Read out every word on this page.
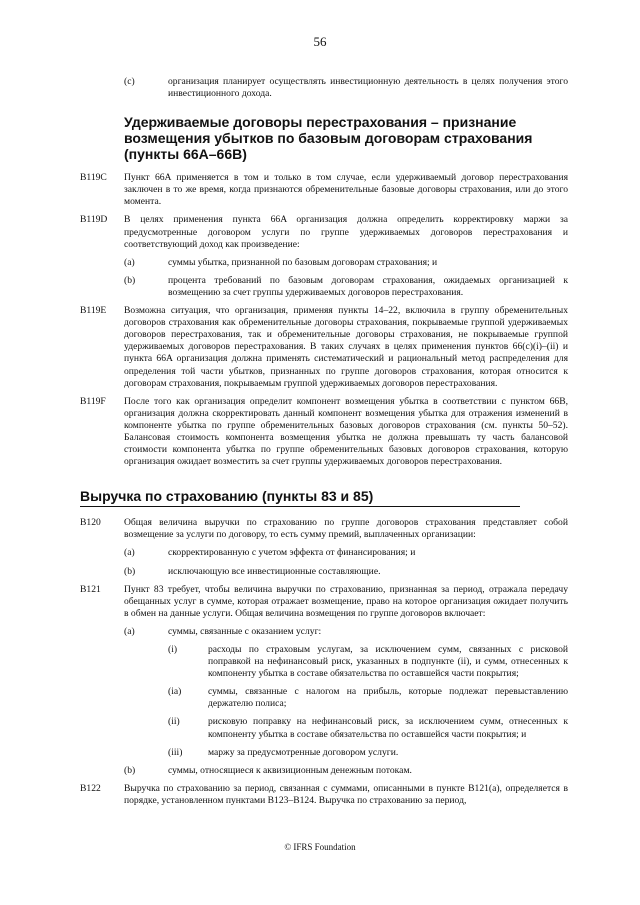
56
(c)	организация планирует осуществлять инвестиционную деятельность в целях получения этого инвестиционного дохода.
Удерживаемые договоры перестрахования – признание возмещения убытков по базовым договорам страхования (пункты 66A–66B)
B119C Пункт 66A применяется в том и только в том случае, если удерживаемый договор перестрахования заключен в то же время, когда признаются обременительные базовые договоры страхования, или до этого момента.
B119D В целях применения пункта 66A организация должна определить корректировку маржи за предусмотренные договором услуги по группе удерживаемых договоров перестрахования и соответствующий доход как произведение:
(a)	суммы убытка, признанной по базовым договорам страхования; и
(b)	процента требований по базовым договорам страхования, ожидаемых организацией к возмещению за счет группы удерживаемых договоров перестрахования.
B119E Возможна ситуация, что организация, применяя пункты 14–22, включила в группу обременительных договоров страхования как обременительные договоры страхования, покрываемые группой удерживаемых договоров перестрахования, так и обременительные договоры страхования, не покрываемые группой удерживаемых договоров перестрахования. В таких случаях в целях применения пунктов 66(c)(i)–(ii) и пункта 66A организация должна применять систематический и рациональный метод распределения для определения той части убытков, признанных по группе договоров страхования, которая относится к договорам страхования, покрываемым группой удерживаемых договоров перестрахования.
B119F После того как организация определит компонент возмещения убытка в соответствии с пунктом 66B, организация должна скорректировать данный компонент возмещения убытка для отражения изменений в компоненте убытка по группе обременительных базовых договоров страхования (см. пункты 50–52). Балансовая стоимость компонента возмещения убытка не должна превышать ту часть балансовой стоимости компонента убытка по группе обременительных базовых договоров страхования, которую организация ожидает возместить за счет группы удерживаемых договоров перестрахования.
Выручка по страхованию (пункты 83 и 85)
B120 Общая величина выручки по страхованию по группе договоров страхования представляет собой возмещение за услуги по договору, то есть сумму премий, выплаченных организации:
(a)	скорректированную с учетом эффекта от финансирования; и
(b)	исключающую все инвестиционные составляющие.
B121 Пункт 83 требует, чтобы величина выручки по страхованию, признанная за период, отражала передачу обещанных услуг в сумме, которая отражает возмещение, право на которое организация ожидает получить в обмен на данные услуги. Общая величина возмещения по группе договоров включает:
(a)	суммы, связанные с оказанием услуг:
(i)	расходы по страховым услугам, за исключением сумм, связанных с рисковой поправкой на нефинансовый риск, указанных в подпункте (ii), и сумм, отнесенных к компоненту убытка в составе обязательства по оставшейся части покрытия;
(ia)	суммы, связанные с налогом на прибыль, которые подлежат перевыставлению держателю полиса;
(ii)	рисковую поправку на нефинансовый риск, за исключением сумм, отнесенных к компоненту убытка в составе обязательства по оставшейся части покрытия; и
(iii)	маржу за предусмотренные договором услуги.
(b)	суммы, относящиеся к аквизиционным денежным потокам.
B122 Выручка по страхованию за период, связанная с суммами, описанными в пункте B121(a), определяется в порядке, установленном пунктами B123–B124. Выручка по страхованию за период,
© IFRS Foundation
